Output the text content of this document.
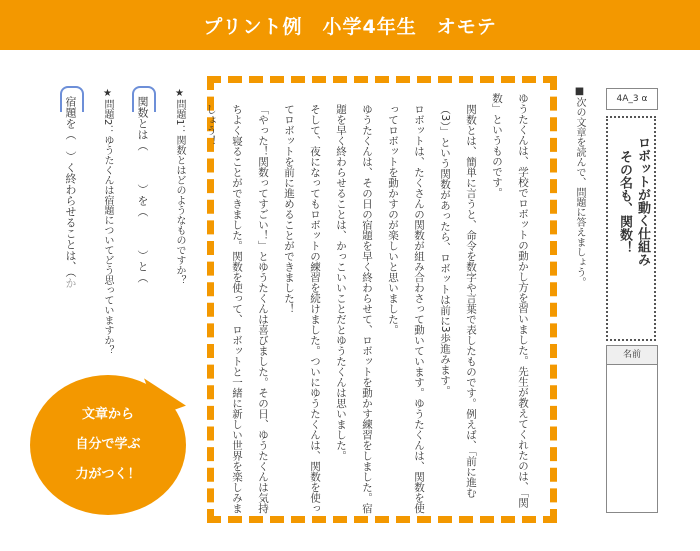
プリント例　小学4年生　オモテ
4A_3 α
ロボットが動く仕組み
その名も、関数！
名前
■次の文章を読んで、問題に答えましょう。

ゆうたくんは、学校でロボットの動かし方を習いました。先生が教えてくれたのは、「関数」というものです。

関数とは、簡単に言うと、命令を数字や言葉で表したものです。例えば、「前に進む（3）」という関数があったら、ロボットは前に3歩進みます。

ロボットは、たくさんの関数が組み合わさって動いています。ゆうたくんは、関数を使ってロボットを動かすのが楽しいと思いました。

ゆうたくんは、その日の宿題を早く終わらせて、ロボットを動かす練習をしました。宿題を早く終わらせることは、かっこいいことだとゆうたくんは思いました。

そして、夜になってもロボットの練習を続けました。ついにゆうたくんは、関数を使ってロボットを前に進めることができました！

「やった！関数ってすごい！」とゆうたくんは喜びました。その日、ゆうたくんは気持ちよく寝ることができました。関数を使って、ロボットと一緒に新しい世界を楽しみましょう！

★問題1：関数とはどのようなものですか？
関数とは（　　　）を（　　　）と（
★問題2：ゆうたくんは宿題についてどう思っていますか？
宿題を（　）く終わらせることは、（か
文章から
自分で学ぶ
力がつく！
